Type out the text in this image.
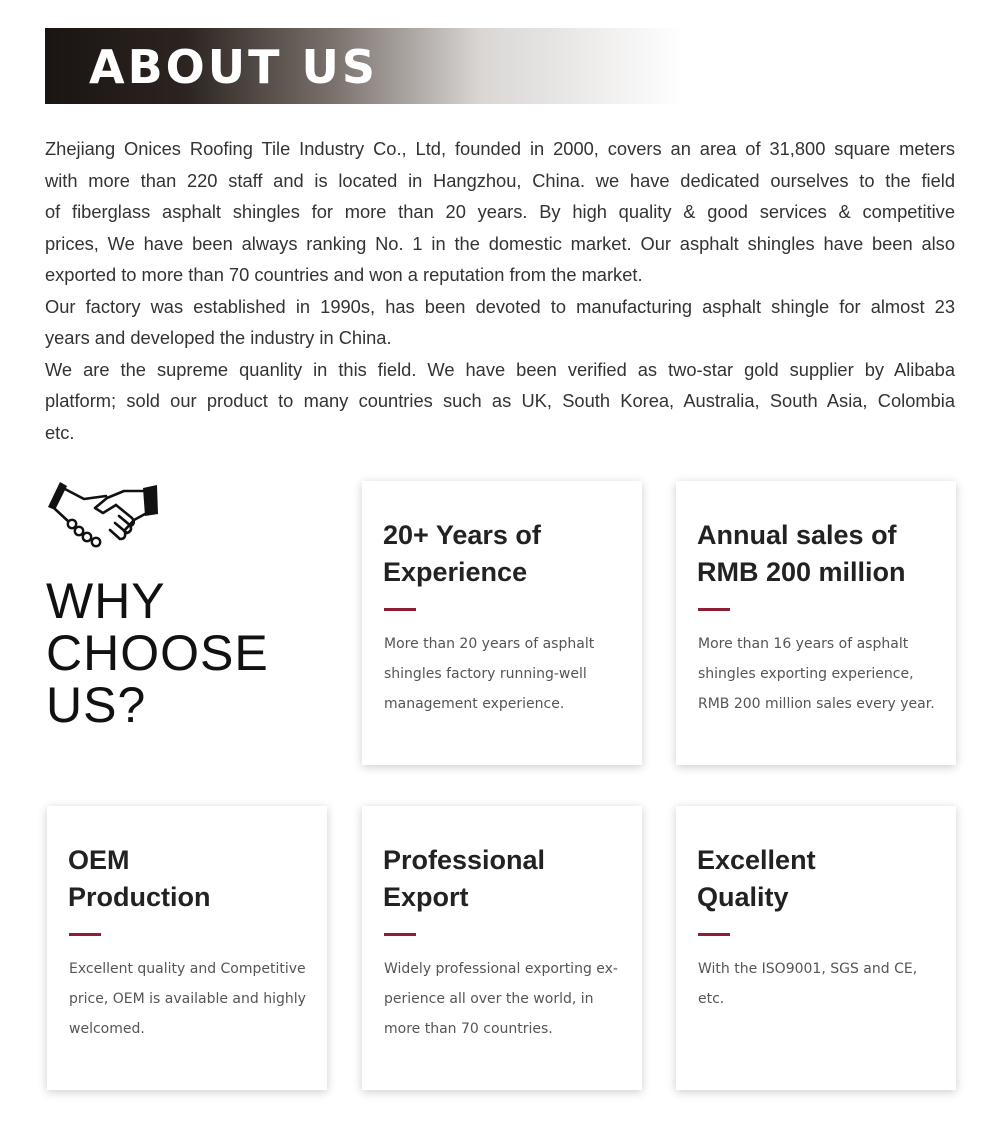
ABOUT US

Zhejiang Onices Roofing Tile Industry Co., Ltd, founded in 2000, covers an area of 31,800 square meters
with more than 220 staff and is located in Hangzhou, China. we have dedicated ourselves to the field
of fiberglass asphalt shingles for more than 20 years. By high quality & good services & competitive
prices, We have been always ranking No. 1 in the domestic market. Our asphalt shingles have been also
exported to more than 70 countries and won a reputation from the market.

Our factory was established in 1990s, has been devoted to manufacturing asphalt shingle for almost 23
years and developed the industry in China.

We are the supreme quanlity in this field. We have been verified as two-star gold supplier by Alibaba
platform; sold our product to many countries such as UK, South Korea, Australia, South Asia, Colombia
etc.

WHY
CHOOSE
US?
20+ Years of
Experience
More than 20 years of asphalt
shingles factory running-well
management experience.
Annual sales of
RMB 200 million
More than 16 years of asphalt
shingles exporting experience,
RMB 200 million sales every year.
OEM
Production
Excellent quality and Competitive
price, OEM is available and highly
welcomed.
Professional
Export
Widely professional exporting ex-
perience all over the world, in
more than 70 countries.
Excellent
Quality
With the ISO9001, SGS and CE,
etc.
